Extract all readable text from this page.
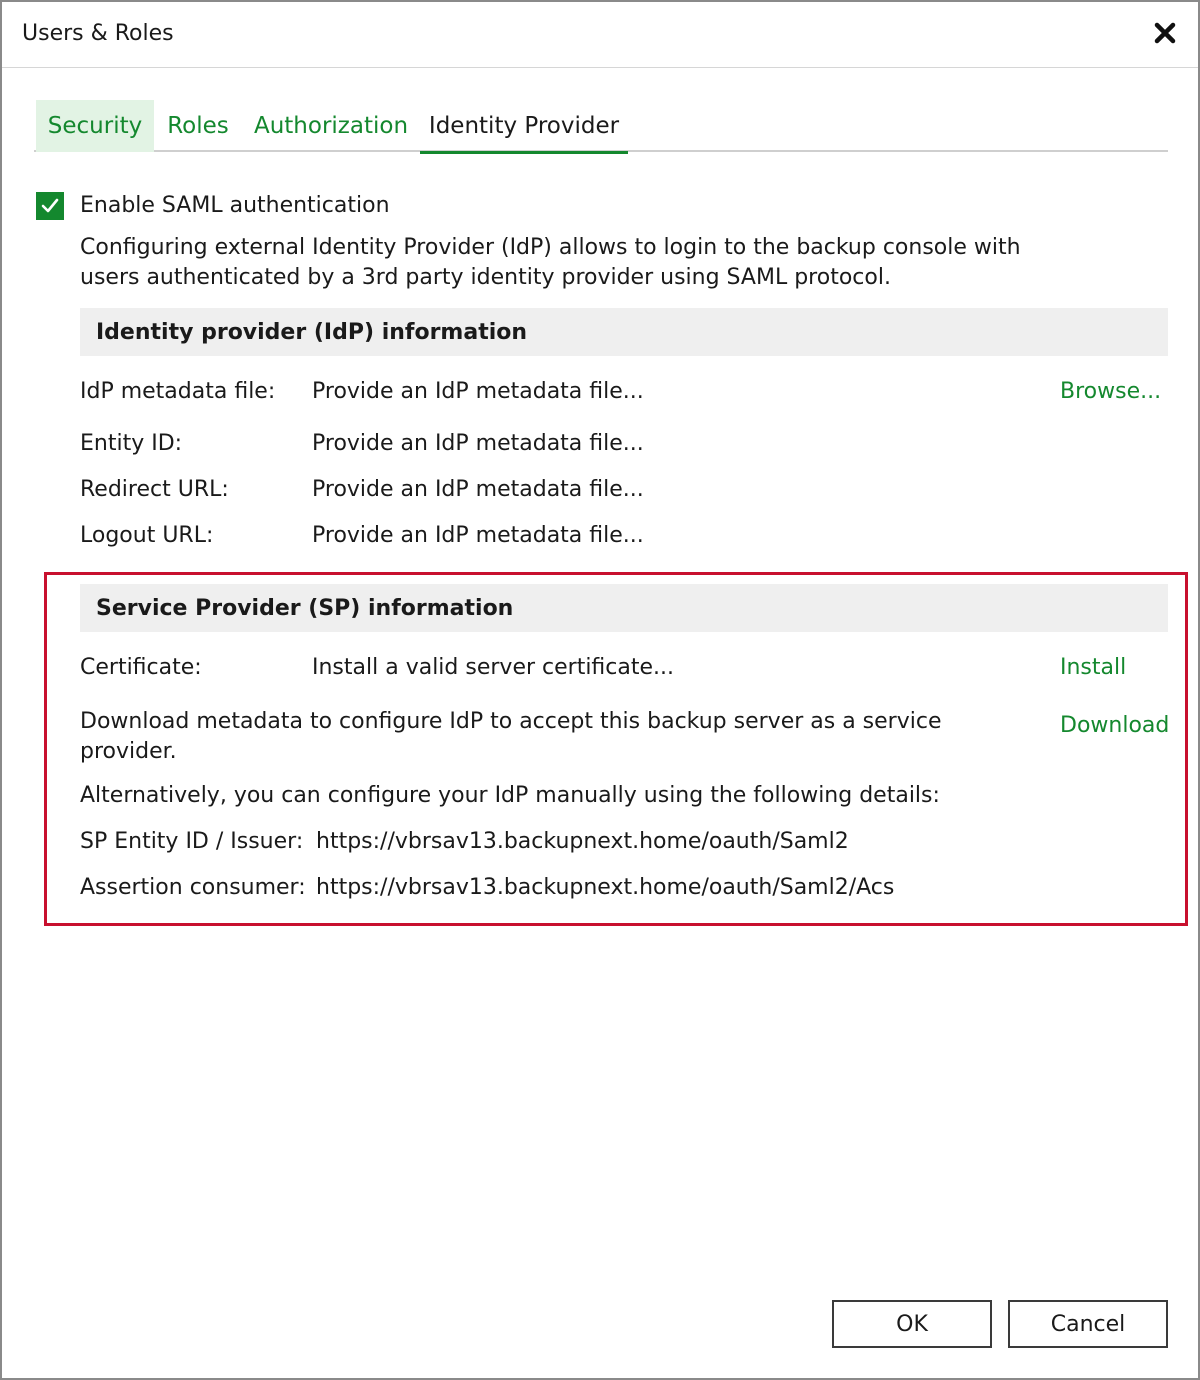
Users & Roles
Security	Roles Authorization Identity Provider
Enable SAML authentication
Configuring external Identity Provider (IdP) allows to login to the backup console with users authenticated by a 3rd party identity provider using SAML protocol.
Identity provider (IdP) information
IdP metadata file: Provide an IdP metadata file...	Browse...
Entity ID:	Provide an IdP metadata file...
Redirect URL:	Provide an IdP metadata file...
Logout URL:	Provide an IdP metadata file...
Service Provider (SP) information
Certificate:	Install a valid server certificate...	Install
Download metadata to configure IdP to accept this backup server as a service provider.
Download
Alternatively, you can configure your IdP manually using the following details:
SP Entity ID / Issuer: https://vbrsav13.backupnext.home/oauth/Saml2
Assertion consumer: https://vbrsav13.backupnext.home/oauth/Saml2/Acs
OK	Cancel
